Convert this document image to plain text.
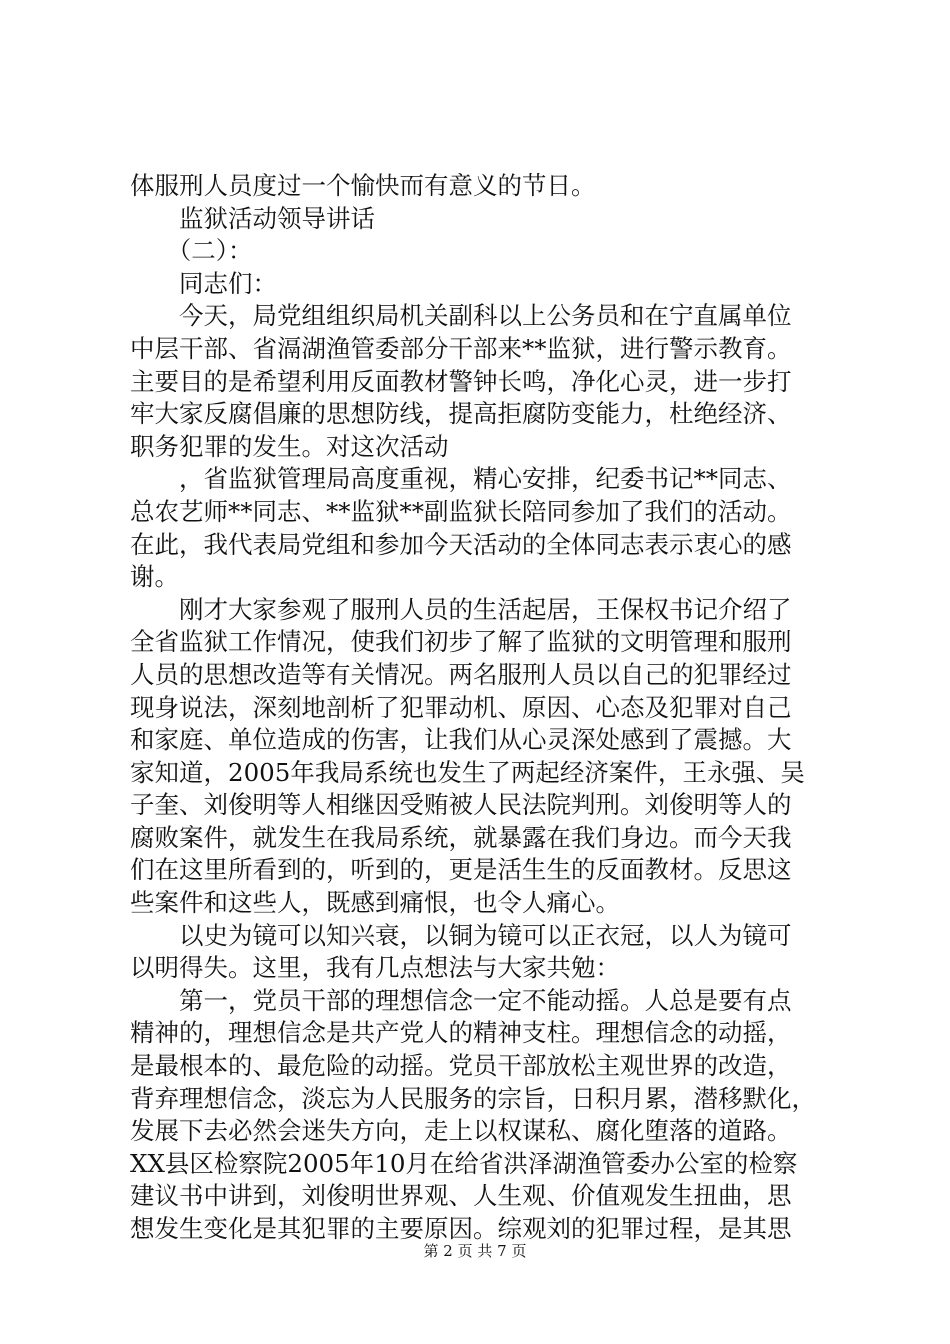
体服刑人员度过一个愉快而有意义的节日。
　　监狱活动领导讲话
　　（二）：
　　同志们：
　　今天，局党组组织局机关副科以上公务员和在宁直属单位
中层干部、省滆湖渔管委部分干部来**监狱，进行警示教育。
主要目的是希望利用反面教材警钟长鸣，净化心灵，进一步打
牢大家反腐倡廉的思想防线，提高拒腐防变能力，杜绝经济、
职务犯罪的发生。对这次活动
　　，省监狱管理局高度重视，精心安排，纪委书记**同志、
总农艺师**同志、**监狱**副监狱长陪同参加了我们的活动。
在此，我代表局党组和参加今天活动的全体同志表示衷心的感
谢。
　　刚才大家参观了服刑人员的生活起居，王保权书记介绍了
全省监狱工作情况，使我们初步了解了监狱的文明管理和服刑
人员的思想改造等有关情况。两名服刑人员以自己的犯罪经过
现身说法，深刻地剖析了犯罪动机、原因、心态及犯罪对自己
和家庭、单位造成的伤害，让我们从心灵深处感到了震撼。大
家知道，2005年我局系统也发生了两起经济案件，王永强、吴
子奎、刘俊明等人相继因受贿被人民法院判刑。刘俊明等人的
腐败案件，就发生在我局系统，就暴露在我们身边。而今天我
们在这里所看到的，听到的，更是活生生的反面教材。反思这
些案件和这些人，既感到痛恨，也令人痛心。
　　以史为镜可以知兴衰，以铜为镜可以正衣冠，以人为镜可
以明得失。这里，我有几点想法与大家共勉：
　　第一，党员干部的理想信念一定不能动摇。人总是要有点
精神的，理想信念是共产党人的精神支柱。理想信念的动摇，
是最根本的、最危险的动摇。党员干部放松主观世界的改造，
背弃理想信念，淡忘为人民服务的宗旨，日积月累，潜移默化，
发展下去必然会迷失方向，走上以权谋私、腐化堕落的道路。
XX县区检察院2005年10月在给省洪泽湖渔管委办公室的检察
建议书中讲到，刘俊明世界观、人生观、价值观发生扭曲，思
想发生变化是其犯罪的主要原因。综观刘的犯罪过程，是其思
第 2 页 共 7 页
